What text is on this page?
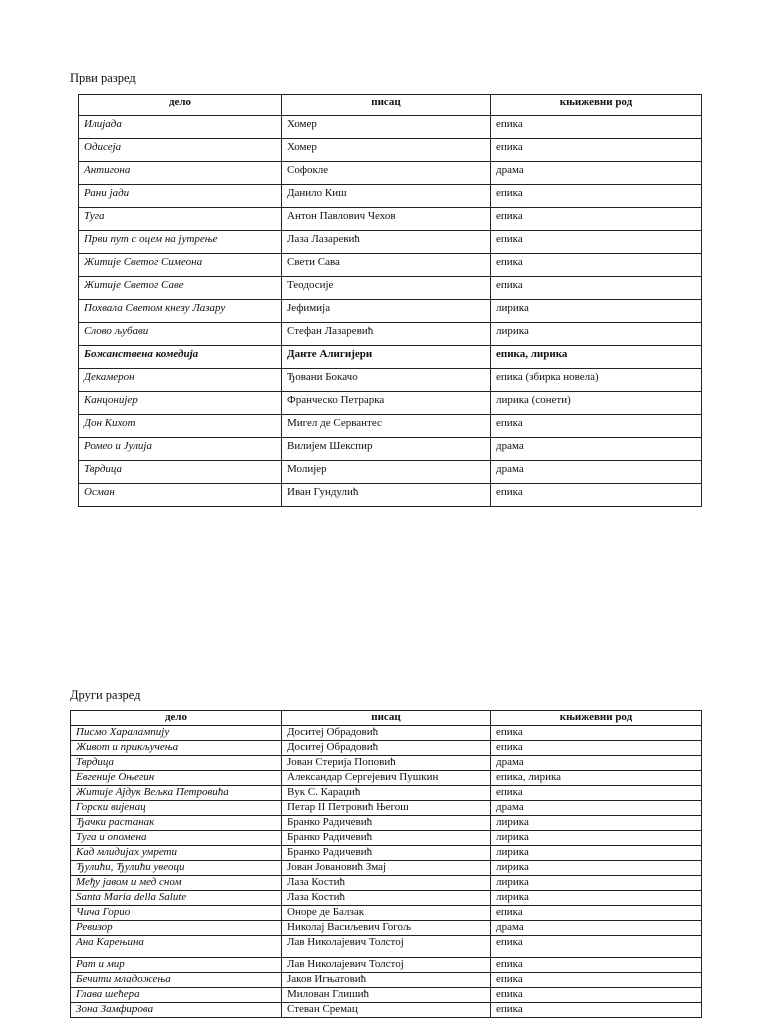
Први разред
дело	писац	књижевни род
Илијада	Хомер	епика
Одисеја	Хомер	епика
Антигона	Софокле	драма
Рани јади	Данило Киш	епика
Туга	Антон Павлович Чехов	епика
Први пут с оцем на јутрење	Лаза Лазаревић	епика
Житије Светог Симеона	Свети Сава	епика
Житије Светог Саве	Теодосије	епика
Похвала Светом кнезу Лазару	Јефимија	лирика
Слово љубави	Стефан Лазаревић	лирика
Божанствена комедија	Данте Алигијери	епика, лирика
Декамерон	Ђовани Бокачо	епика (збирка новела)
Канцонијер	Франческо Петрарка	лирика (сонети)
Дон Кихот	Мигел де Сервантес	епика
Ромео и Јулија	Вилијем Шекспир	драма
Тврдица	Молијер	драма
Осман	Иван Гундулић	епика
Други разред
дело	писац	књижевни род
Писмо Харалампију	Доситеј Обрадовић	епика
Живот и прикључења	Доситеј Обрадовић	епика
Тврдица	Јован Стерија Поповић	драма
Евгеније Оњегин	Александар Сергејевич Пушкин	епика, лирика
Житије Ајдук Вељка Петровића	Вук С. Караџић	епика
Горски вијенац	Петар II Петровић Његош	драма
Ђачки растанак	Бранко Радичевић	лирика
Туга и опомена	Бранко Радичевић	лирика
Кад млидијах умрети	Бранко Радичевић	лирика
Ђулићи, Ђулићи увеоци	Јован Јовановић Змај	лирика
Међу јавом и мед сном	Лаза Костић	лирика
Santa Maria della Salute	Лаза Костић	лирика
Чича Горио	Оноре де Балзак	епика
Ревизор	Николај Васиљевич Гогољ	драма
Ана Карењина	Лав Николајевич Толстој	епика
Рат и мир	Лав Николајевич Толстој	епика
Бечити младожења	Јаков Игњатовић	епика
Глава шећера	Милован Глишић	епика
Зона Замфирова	Стеван Сремац	епика
